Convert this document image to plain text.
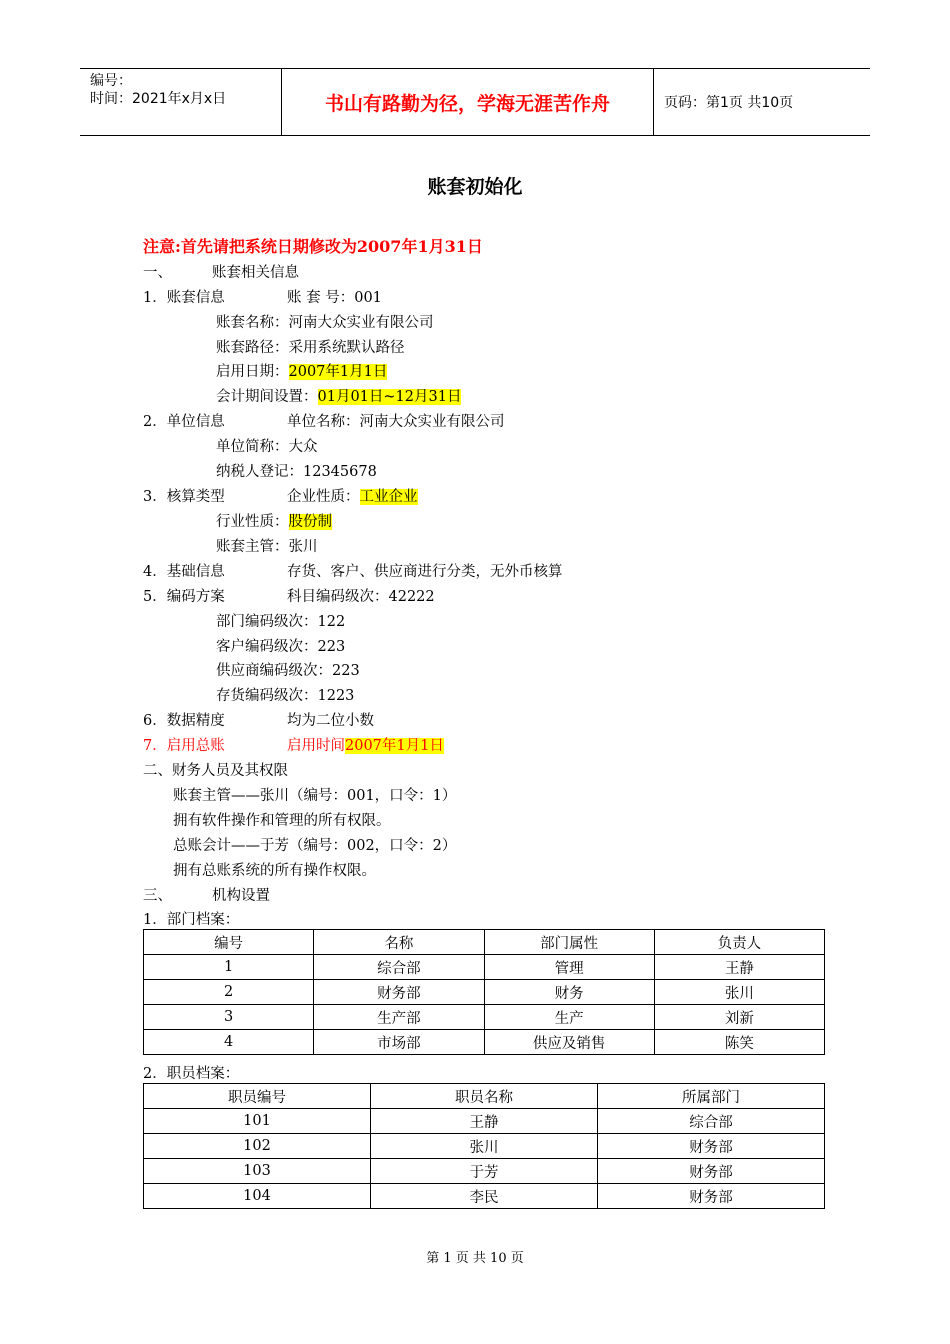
编号：
时间：2021年x月x日	书山有路勤为径，学海无涯苦作舟	页码：第1页 共10页
账套初始化
注意:首先请把系统日期修改为2007年1月31日
一、	账套相关信息
1．账套信息	账 套 号：001
账套名称：河南大众实业有限公司
账套路径：采用系统默认路径
启用日期：2007年1月1日
会计期间设置：01月01日~12月31日
2．单位信息	单位名称：河南大众实业有限公司
单位简称：大众
纳税人登记：12345678
3．核算类型	企业性质：工业企业
行业性质：股份制
账套主管：张川
4．基础信息	存货、客户、供应商进行分类，无外币核算
5．编码方案	科目编码级次：42222
部门编码级次：122
客户编码级次：223
供应商编码级次：223
存货编码级次：1223
6．数据精度	均为二位小数
7．启用总账	启用时间2007年1月1日
二、财务人员及其权限
账套主管——张川（编号：001，口令：1）
拥有软件操作和管理的所有权限。
总账会计——于芳（编号：002，口令：2）
拥有总账系统的所有操作权限。
三、	机构设置
1．部门档案：
编号	名称	部门属性	负责人
1	综合部	管理	王静
2	财务部	财务	张川
3	生产部	生产	刘新
4	市场部	供应及销售	陈笑
2．职员档案：
职员编号	职员名称	所属部门
101	王静	综合部
102	张川	财务部
103	于芳	财务部
104	李民	财务部
第 1 页 共 10 页
